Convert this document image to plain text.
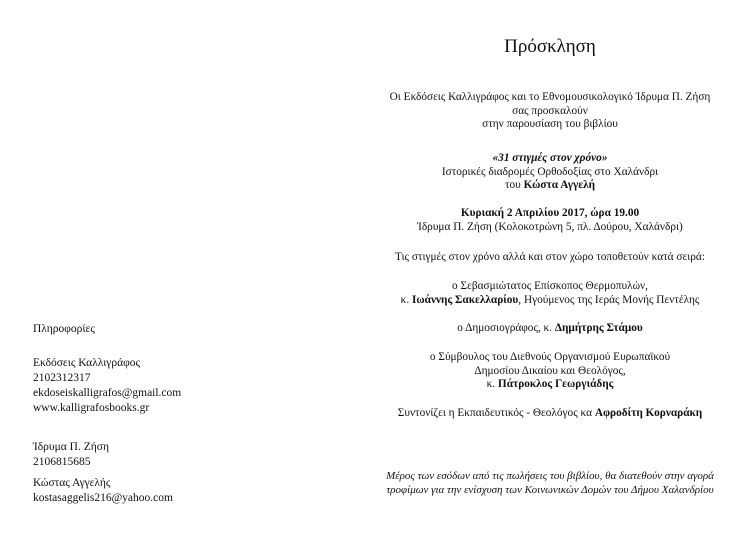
Πληροφορίες
Εκδόσεις Καλλιγράφος
2102312317
ekdoseiskalligrafos@gmail.com
www.kalligrafosbooks.gr
Ίδρυμα Π. Ζήση
2106815685
Κώστας Αγγελής
kostasaggelis216@yahoo.com
Πρόσκληση
Οι Εκδόσεις Καλλιγράφος και το Εθνομουσικολογικό Ίδρυμα Π. Ζήση
σας προσκαλούν
στην παρουσίαση του βιβλίου
«31 στιγμές στον χρόνο»
Ιστορικές διαδρομές Ορθοδοξίας στο Χαλάνδρι
του Κώστα Αγγελή
Κυριακή 2 Απριλίου 2017, ώρα 19.00
Ίδρυμα Π. Ζήση (Κολοκοτρώνη 5, πλ. Δούρου, Χαλάνδρι)
Τις στιγμές στον χρόνο αλλά και στον χώρο τοποθετούν κατά σειρά:
ο Σεβασμιώτατος Επίσκοπος Θερμοπυλών,
κ. Ιωάννης Σακελλαρίου, Ηγούμενος της Ιεράς Μονής Πεντέλης
ο Δημοσιογράφος, κ. Δημήτρης Στάμου
ο Σύμβουλος του Διεθνούς Οργανισμού Ευρωπαϊκού
Δημοσίου Δικαίου και Θεολόγος,
κ. Πάτροκλος Γεωργιάδης
Συντονίζει η Εκπαιδευτικός - Θεολόγος κα Αφροδίτη Κορναράκη
Μέρος των εσόδων από τις πωλήσεις του βιβλίου, θα διατεθούν στην αγορά
τροφίμων για την ενίσχυση των Κοινωνικών Δομών του Δήμου Χαλανδρίου
